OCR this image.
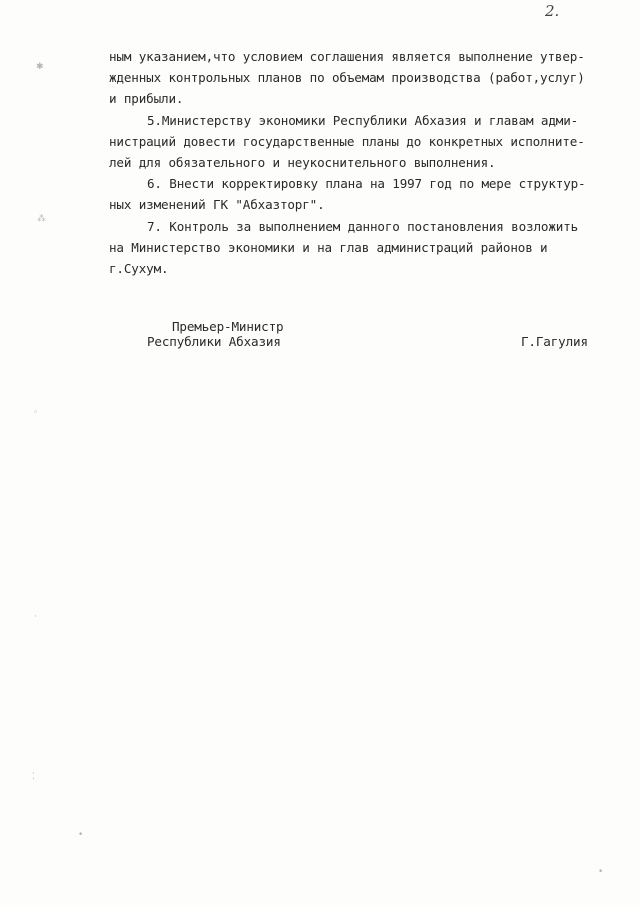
2.
ным указанием,что условием соглашения является выполнение утвер-
жденных контрольных планов по объемам производства (работ,услуг)
и прибыли.
5.Министерству экономики Республики Абхазия и главам адми-
нистраций довести государственные планы до конкретных исполните-
лей для обязательного и неукоснительного выполнения.
6. Внести корректировку плана на 1997 год по мере структур-
ных изменений ГК "Абхазторг".
7. Контроль за выполнением данного постановления возложить
на Министерство экономики и на глав администраций районов и
г.Сухум.
Премьер-Министр
Республики Абхазия	Г.Гагулия
✱
⁂
◦
·
⁚
•
•
